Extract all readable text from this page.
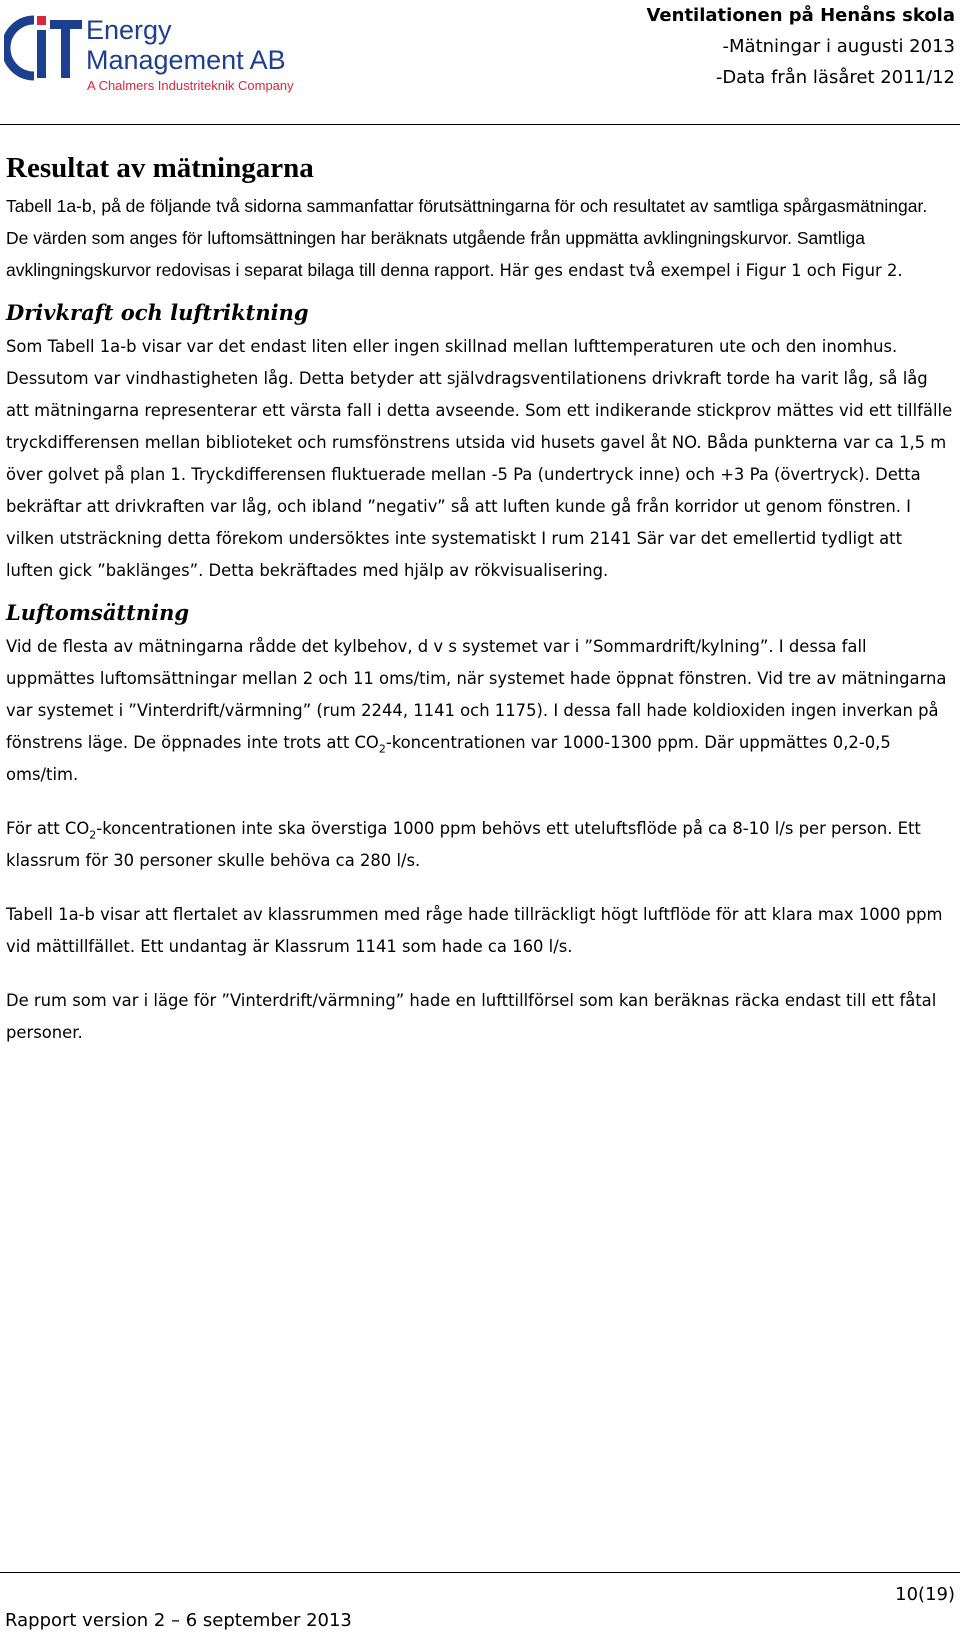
Energy
Management AB
A Chalmers Industriteknik Company
Ventilationen på Henåns skola
-Mätningar i augusti 2013
-Data från läsåret 2011/12
Resultat av mätningarna

Tabell 1a-b, på de följande två sidorna sammanfattar förutsättningarna för och resultatet av samtliga spårgasmätningar. De värden som anges för luftomsättningen har beräknats utgående från uppmätta avklingningskurvor. Samtliga avklingningskurvor redovisas i separat bilaga till denna rapport. Här ges endast två exempel i Figur 1 och Figur 2.

Drivkraft och luftriktning

Som Tabell 1a-b visar var det endast liten eller ingen skillnad mellan lufttemperaturen ute och den inomhus. Dessutom var vindhastigheten låg. Detta betyder att självdragsventilationens drivkraft torde ha varit låg, så låg att mätningarna representerar ett värsta fall i detta avseende. Som ett indikerande stickprov mättes vid ett tillfälle tryckdifferensen mellan biblioteket och rumsfönstrens utsida vid husets gavel åt NO. Båda punkterna var ca 1,5 m över golvet på plan 1. Tryckdifferensen fluktuerade mellan -5 Pa (undertryck inne) och +3 Pa (övertryck). Detta bekräftar att drivkraften var låg, och ibland ”negativ” så att luften kunde gå från korridor ut genom fönstren. I vilken utsträckning detta förekom undersöktes inte systematiskt I rum 2141 Sär var det emellertid tydligt att luften gick ”baklänges”. Detta bekräftades med hjälp av rökvisualisering.

Luftomsättning

Vid de flesta av mätningarna rådde det kylbehov, d v s systemet var i ”Sommardrift/kylning”. I dessa fall uppmättes luftomsättningar mellan 2 och 11 oms/tim, när systemet hade öppnat fönstren. Vid tre av mätningarna var systemet i ”Vinterdrift/värmning” (rum 2244, 1141 och 1175). I dessa fall hade koldioxiden ingen inverkan på fönstrens läge. De öppnades inte trots att $CO_2$-koncentrationen var 1000-1300 ppm. Där uppmättes 0,2-0,5 oms/tim.

För att $CO_2$-koncentrationen inte ska överstiga 1000 ppm behövs ett uteluftsflöde på ca 8-10 l/s per person. Ett klassrum för 30 personer skulle behöva ca 280 l/s.

Tabell 1a-b visar att flertalet av klassrummen med råge hade tillräckligt högt luftflöde för att klara max 1000 ppm vid mättillfället. Ett undantag är Klassrum 1141 som hade ca 160 l/s.

De rum som var i läge för ”Vinterdrift/värmning” hade en lufttillförsel som kan beräknas räcka endast till ett fåtal personer.

10(19)
Rapport version 2 – 6 september 2013
